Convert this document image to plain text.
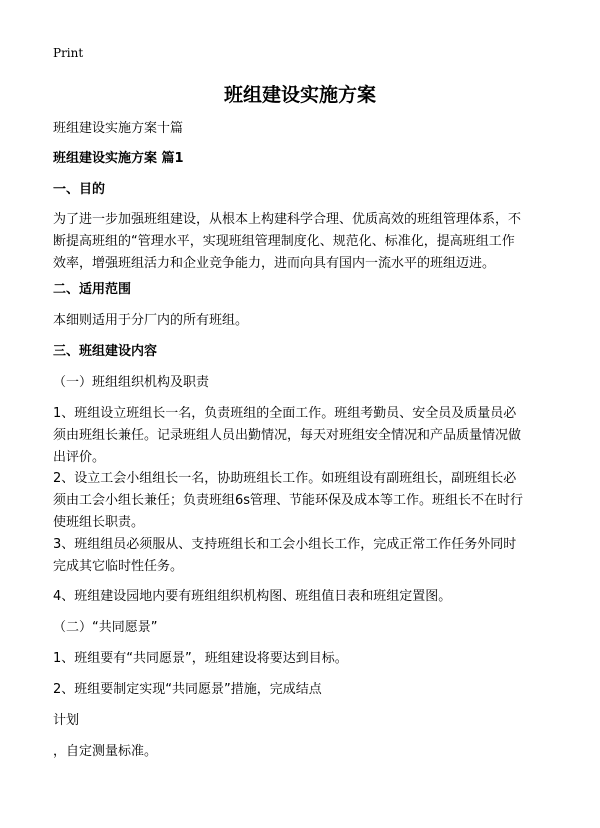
Print
班组建设实施方案

班组建设实施方案十篇

班组建设实施方案 篇1

一、目的

为了进一步加强班组建设，从根本上构建科学合理、优质高效的班组管理体系，不
断提高班组的“管理水平，实现班组管理制度化、规范化、标准化，提高班组工作
效率，增强班组活力和企业竞争能力，进而向具有国内一流水平的班组迈进。

二、适用范围

本细则适用于分厂内的所有班组。

三、班组建设内容

（一）班组组织机构及职责

1、班组设立班组长一名，负责班组的全面工作。班组考勤员、安全员及质量员必
须由班组长兼任。记录班组人员出勤情况，每天对班组安全情况和产品质量情况做
出评价。
2、设立工会小组组长一名，协助班组长工作。如班组设有副班组长，副班组长必
须由工会小组长兼任；负责班组6s管理、节能环保及成本等工作。班组长不在时行
使班组长职责。
3、班组组员必须服从、支持班组长和工会小组长工作，完成正常工作任务外同时
完成其它临时性任务。

4、班组建设园地内要有班组组织机构图、班组值日表和班组定置图。

（二）“共同愿景”

1、班组要有“共同愿景”，班组建设将要达到目标。

2、班组要制定实现“共同愿景”措施，完成结点

计划

，自定测量标准。
